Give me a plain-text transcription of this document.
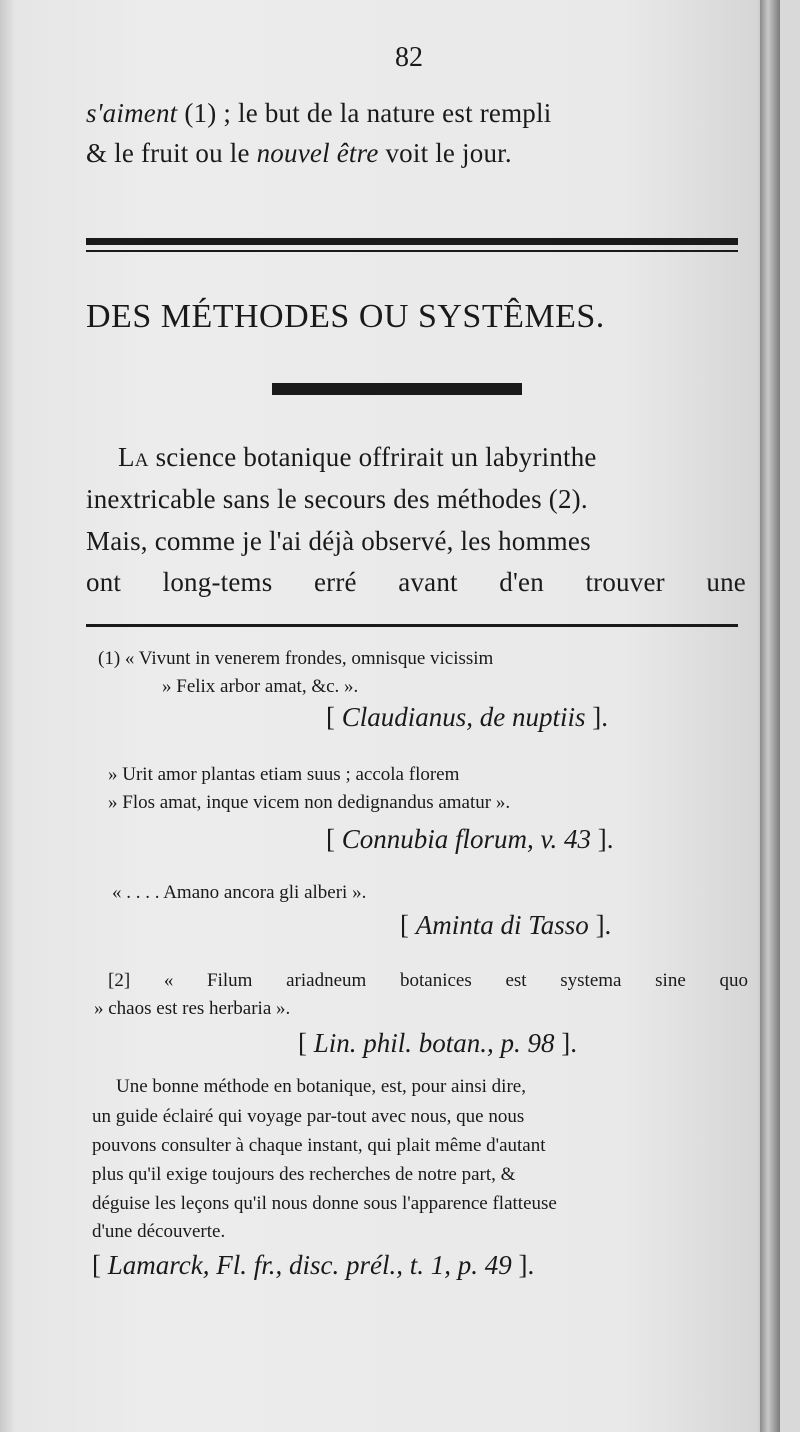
82
s'aiment (1) ; le but de la nature est rempli
& le fruit ou le nouvel être voit le jour.
DES MÉTHODES OU SYSTÊMES.
La science botanique offrirait un labyrinthe
inextricable sans le secours des méthodes (2).
Mais, comme je l'ai déjà observé, les hommes
ont long-tems erré avant d'en trouver une
(1) « Vivunt in venerem frondes, omnisque vicissim
» Felix arbor amat, &c. ».
[ Claudianus, de nuptiis ].
» Urit amor plantas etiam suus ; accola florem
» Flos amat, inque vicem non dedignandus amatur ».
[ Connubia florum, v. 43 ].
« . . . . Amano ancora gli alberi ».
[ Aminta di Tasso ].
[2] « Filum ariadneum botanices est systema sine quo
» chaos est res herbaria ».
[ Lin. phil. botan., p. 98 ].
Une bonne méthode en botanique, est, pour ainsi dire,
un guide éclairé qui voyage par-tout avec nous, que nous
pouvons consulter à chaque instant, qui plait même d'autant
plus qu'il exige toujours des recherches de notre part, &
déguise les leçons qu'il nous donne sous l'apparence flatteuse
d'une découverte.
[ Lamarck, Fl. fr., disc. prél., t. 1, p. 49 ].
